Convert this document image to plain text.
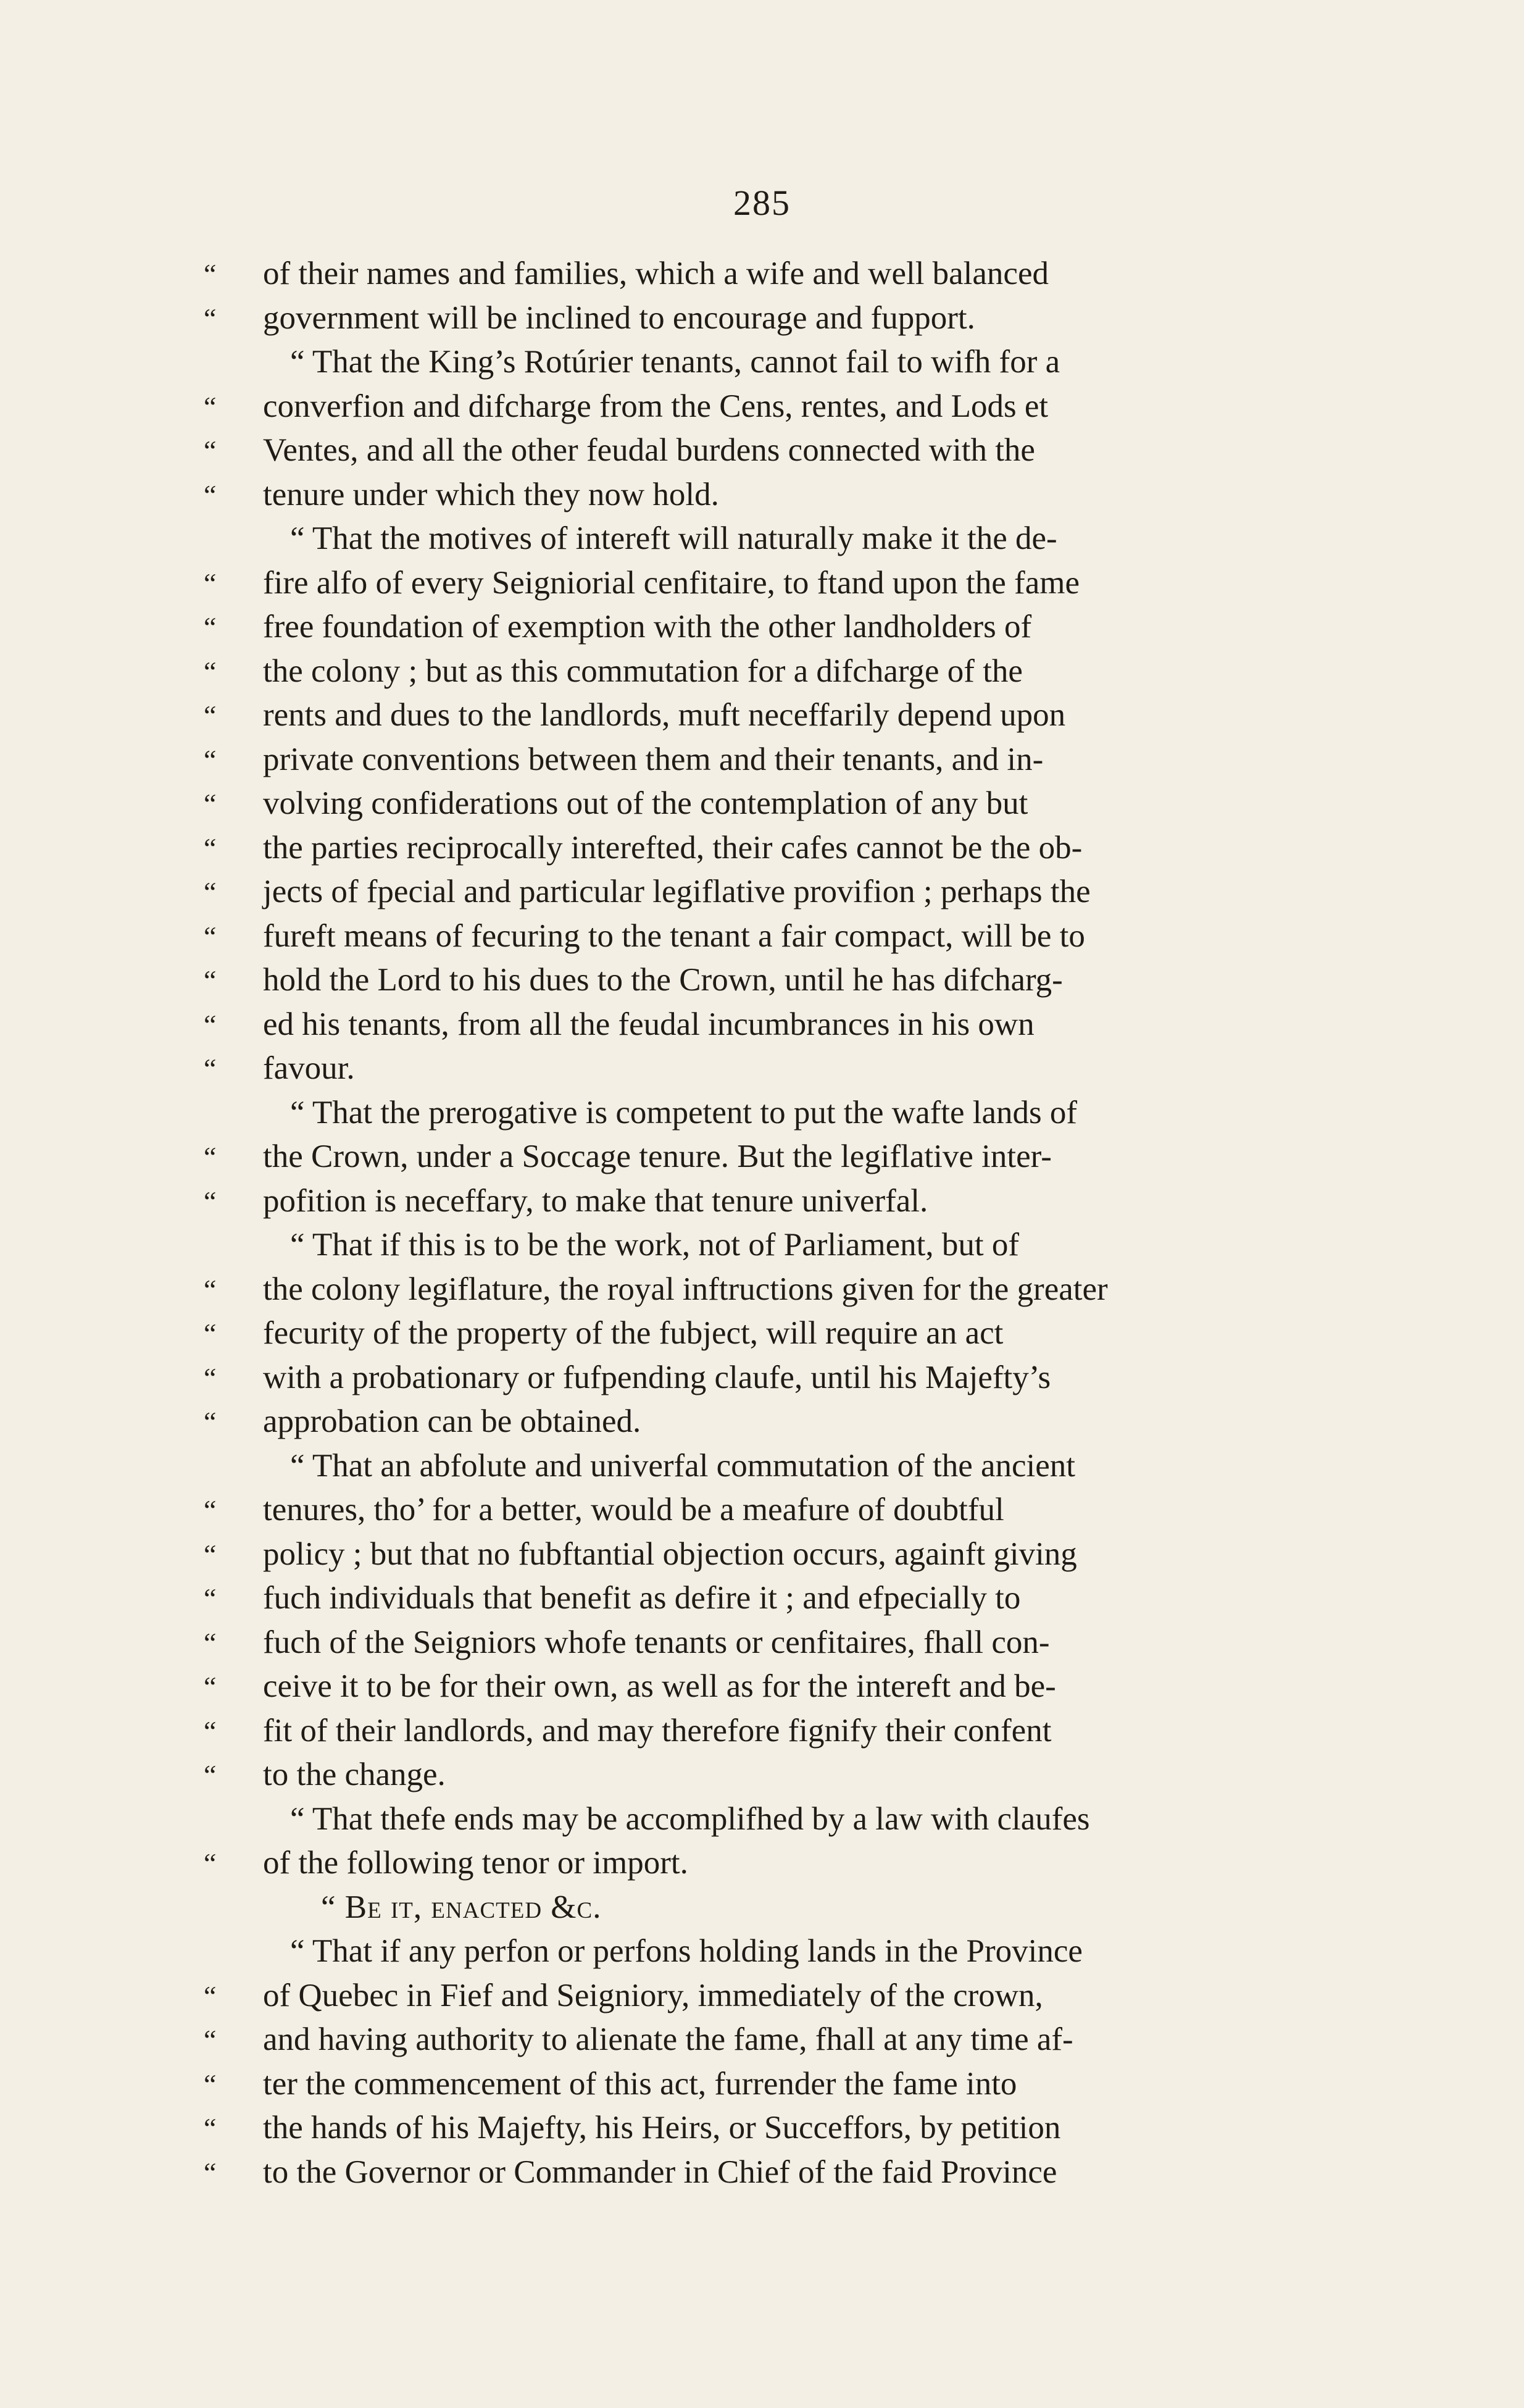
285
“ of their names and families, which a wife and well balanced
“ government will be inclined to encourage and fupport.
“ That the King’s Rotúrier tenants, cannot fail to wifh for a
“ converfion and difcharge from the Cens, rentes, and Lods et
“ Ventes, and all the other feudal burdens connected with the
“ tenure under which they now hold.
“ That the motives of intereft will naturally make it the de-
“ fire alfo of every Seigniorial cenfitaire, to ftand upon the fame
“ free foundation of exemption with the other landholders of
“ the colony ; but as this commutation for a difcharge of the
“ rents and dues to the landlords, muft neceffarily depend upon
“ private conventions between them and their tenants, and in-
“ volving confiderations out of the contemplation of any but
“ the parties reciprocally interefted, their cafes cannot be the ob-
“ jects of fpecial and particular legiflative provifion ; perhaps the
“ fureft means of fecuring to the tenant a fair compact, will be to
“ hold the Lord to his dues to the Crown, until he has difcharg-
“ ed his tenants, from all the feudal incumbrances in his own
“ favour.
“ That the prerogative is competent to put the wafte lands of
“ the Crown, under a Soccage tenure. But the legiflative inter-
“ pofition is neceffary, to make that tenure univerfal.
“ That if this is to be the work, not of Parliament, but of
“ the colony legiflature, the royal inftructions given for the greater
“ fecurity of the property of the fubject, will require an act
“ with a probationary or fufpending claufe, until his Majefty’s
“ approbation can be obtained.
“ That an abfolute and univerfal commutation of the ancient
“ tenures, tho’ for a better, would be a meafure of doubtful
“ policy ; but that no fubftantial objection occurs, againft giving
“ fuch individuals that benefit as defire it ; and efpecially to
“ fuch of the Seigniors whofe tenants or cenfitaires, fhall con-
“ ceive it to be for their own, as well as for the intereft and be-
“ fit of their landlords, and may therefore fignify their confent
“ to the change.
“ That thefe ends may be accomplifhed by a law with claufes
“ of the following tenor or import.
“ Be it, enacted &c.
“ That if any perfon or perfons holding lands in the Province
“ of Quebec in Fief and Seigniory, immediately of the crown,
“ and having authority to alienate the fame, fhall at any time af-
“ ter the commencement of this act, furrender the fame into
“ the hands of his Majefty, his Heirs, or Succeffors, by petition
“ to the Governor or Commander in Chief of the faid Province
